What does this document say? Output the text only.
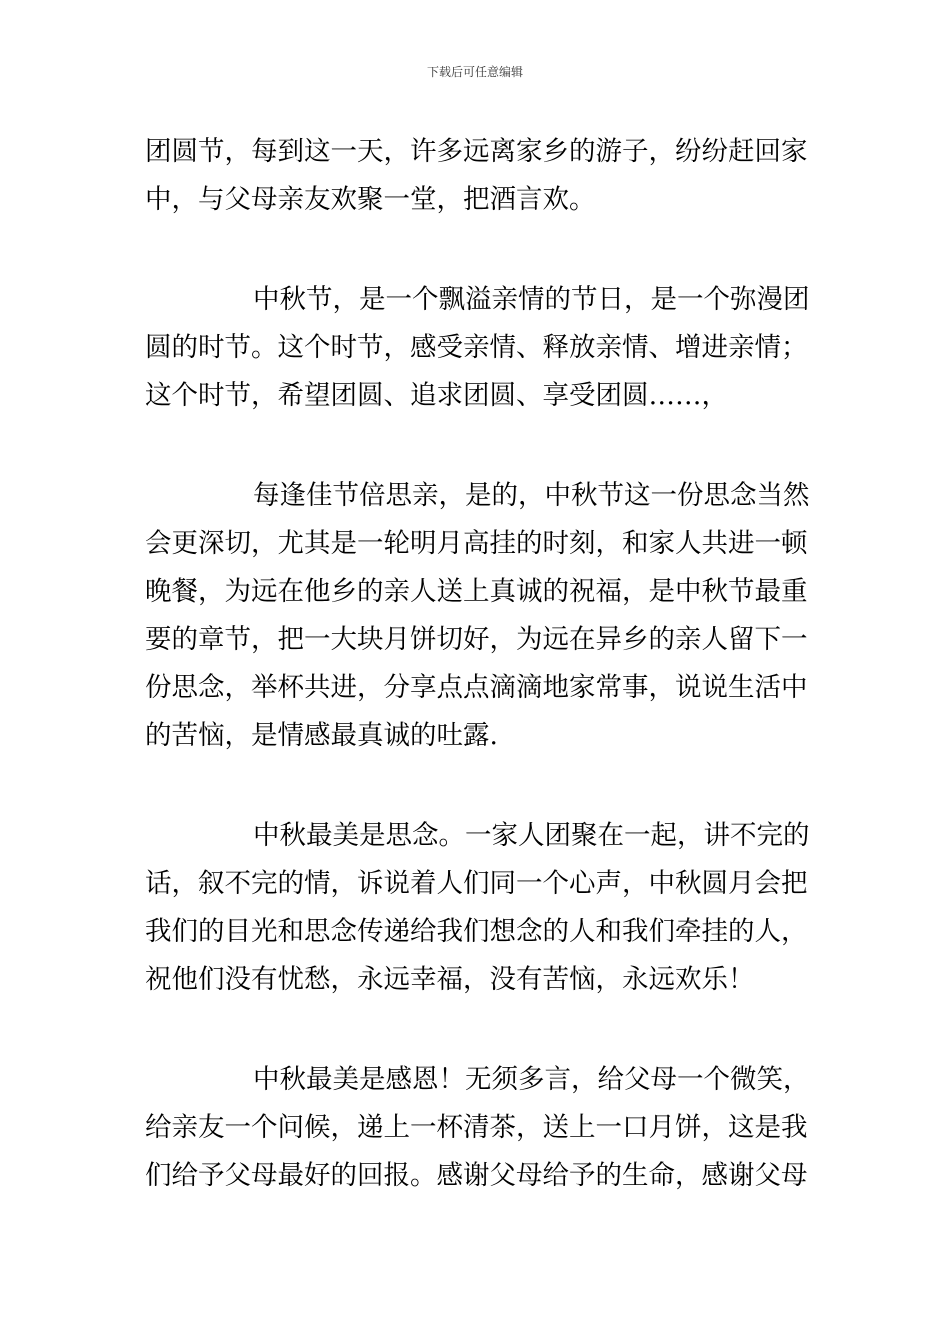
下载后可任意编辑
团圆节，每到这一天，许多远离家乡的游子，纷纷赶回家
中，与父母亲友欢聚一堂，把酒言欢。
中秋节，是一个飘溢亲情的节日，是一个弥漫团
圆的时节。这个时节，感受亲情、释放亲情、增进亲情；
这个时节，希望团圆、追求团圆、享受团圆……，
每逢佳节倍思亲，是的，中秋节这一份思念当然
会更深切，尤其是一轮明月高挂的时刻，和家人共进一顿
晚餐，为远在他乡的亲人送上真诚的祝福，是中秋节最重
要的章节，把一大块月饼切好，为远在异乡的亲人留下一
份思念，举杯共进，分享点点滴滴地家常事，说说生活中
的苦恼，是情感最真诚的吐露.
中秋最美是思念。一家人团聚在一起，讲不完的
话，叙不完的情，诉说着人们同一个心声，中秋圆月会把
我们的目光和思念传递给我们想念的人和我们牵挂的人，
祝他们没有忧愁，永远幸福，没有苦恼，永远欢乐！
中秋最美是感恩！无须多言，给父母一个微笑，
给亲友一个问候，递上一杯清茶，送上一口月饼，这是我
们给予父母最好的回报。感谢父母给予的生命，感谢父母
